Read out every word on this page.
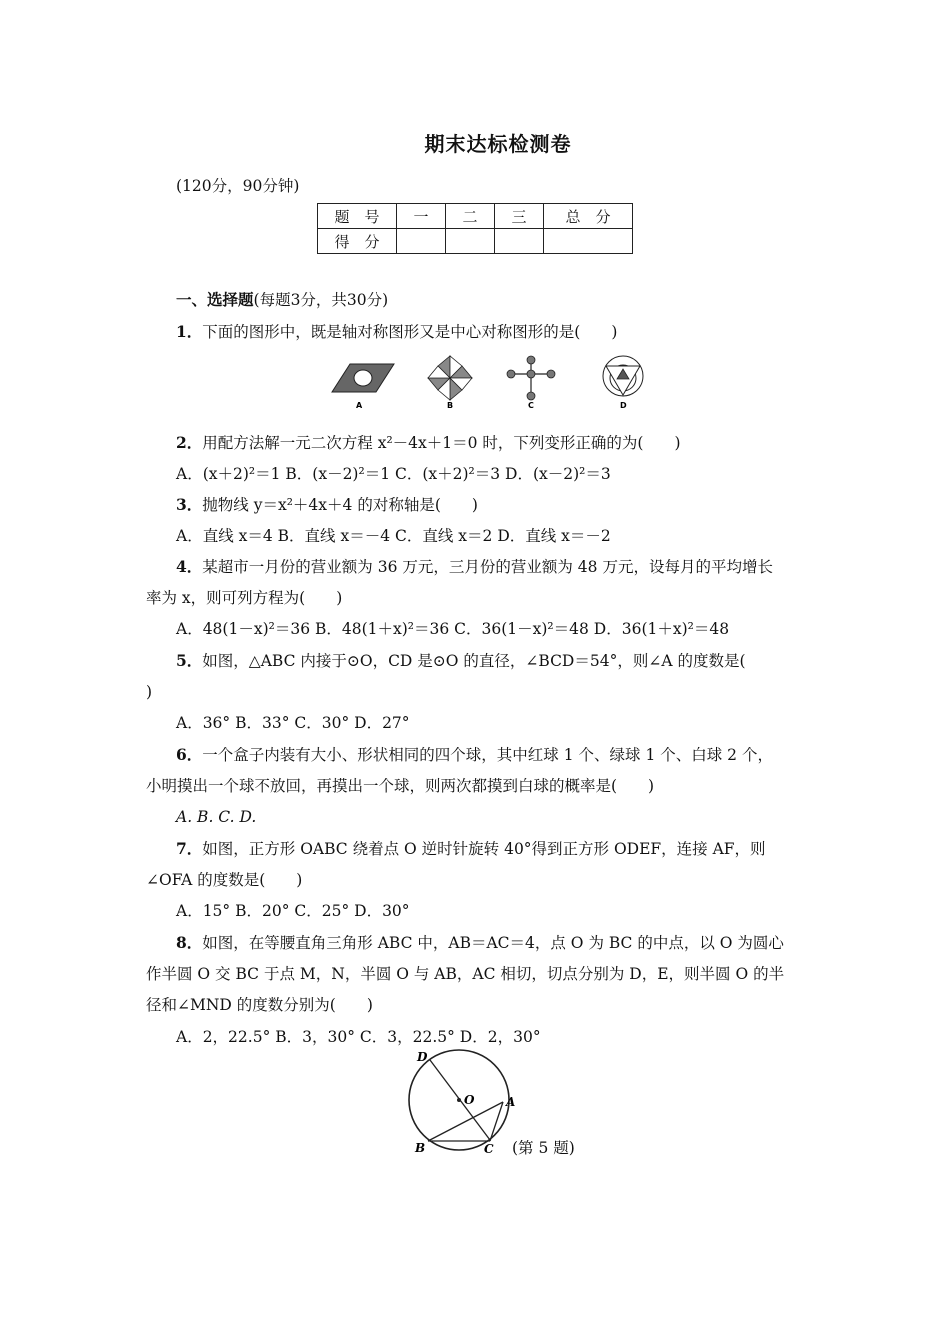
期末达标检测卷
(120分，90分钟)
题　号	一	二	三	总　分
得　分				
一、选择题(每题3分，共30分)
1．下面的图形中，既是轴对称图形又是中心对称图形的是(　　)
A	B	C	D
2．用配方法解一元二次方程 x²－4x＋1＝0 时，下列变形正确的为(　　)
A．(x＋2)²＝1 B．(x－2)²＝1 C．(x＋2)²＝3 D．(x－2)²＝3
3．抛物线 y＝x²＋4x＋4 的对称轴是(　　)
A．直线 x＝4 B．直线 x＝－4 C．直线 x＝2 D．直线 x＝－2
4．某超市一月份的营业额为 36 万元，三月份的营业额为 48 万元，设每月的平均增长
率为 x，则可列方程为(　　)
A．48(1－x)²＝36 B．48(1＋x)²＝36 C．36(1－x)²＝48 D．36(1＋x)²＝48
5．如图，△ABC 内接于⊙O，CD 是⊙O 的直径，∠BCD＝54°，则∠A 的度数是(
)
A．36° B．33° C．30° D．27°
6．一个盒子内装有大小、形状相同的四个球，其中红球 1 个、绿球 1 个、白球 2 个，
小明摸出一个球不放回，再摸出一个球，则两次都摸到白球的概率是(　　)
A. B. C. D.
7．如图，正方形 OABC 绕着点 O 逆时针旋转 40°得到正方形 ODEF，连接 AF，则
∠OFA 的度数是(　　)
A．15° B．20° C．25° D．30°
8．如图，在等腰直角三角形 ABC 中，AB＝AC＝4，点 O 为 BC 的中点，以 O 为圆心
作半圆 O 交 BC 于点 M，N，半圆 O 与 AB，AC 相切，切点分别为 D，E，则半圆 O 的半
径和∠MND 的度数分别为(　　)
A．2，22.5° B．3，30° C．3，22.5° D．2，30°
D
O	A
B	C (第 5 题)
